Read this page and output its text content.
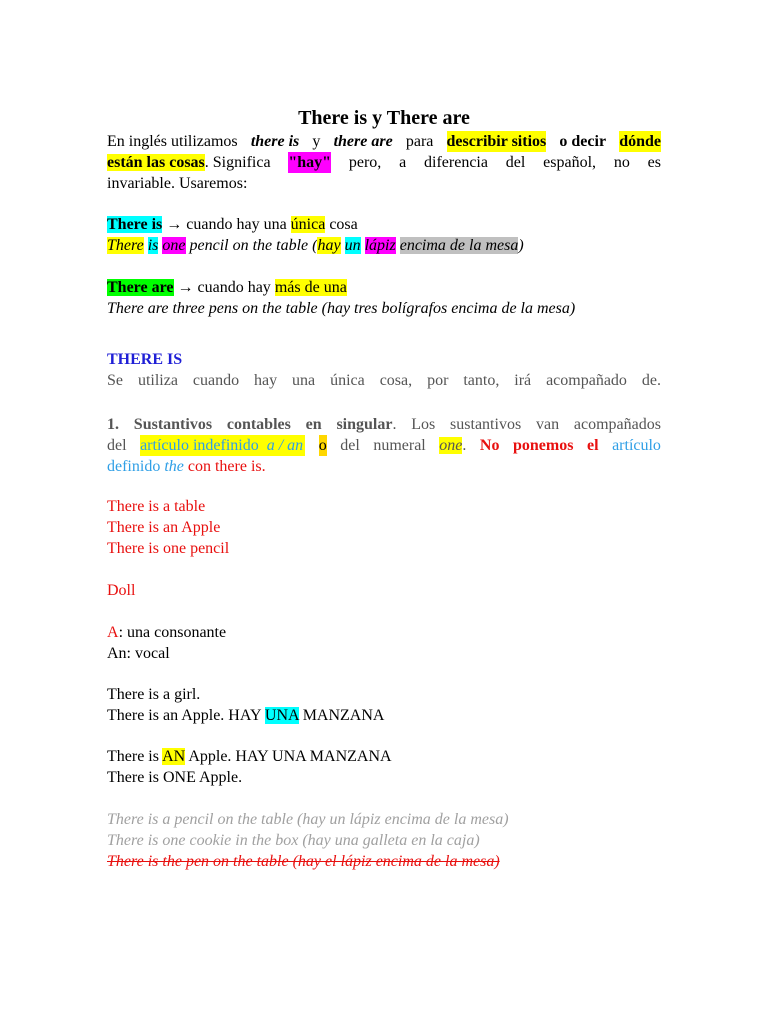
There is y There are
En inglés utilizamos there is y there are para describir sitios o decir dónde
están las cosas. Significa "hay" pero, a diferencia del español, no es
invariable. Usaremos:
There is → cuando hay una única cosa
There is one pencil on the table (hay un lápiz encima de la mesa)
There are → cuando hay más de una
There are three pens on the table (hay tres bolígrafos encima de la mesa)
THERE IS
Se utiliza cuando hay una única cosa, por tanto, irá acompañado de.
1. Sustantivos contables en singular. Los sustantivos van acompañados
del artículo indefinido a / an o del numeral one. No ponemos el artículo
definido the con there is.
There is a table
There is an Apple
There is one pencil
Doll
A: una consonante
An: vocal
There is a girl.
There is an Apple. HAY UNA MANZANA
There is AN Apple. HAY UNA MANZANA
There is ONE Apple.
There is a pencil on the table (hay un lápiz encima de la mesa)
There is one cookie in the box (hay una galleta en la caja)
There is the pen on the table (hay el lápiz encima de la mesa)
